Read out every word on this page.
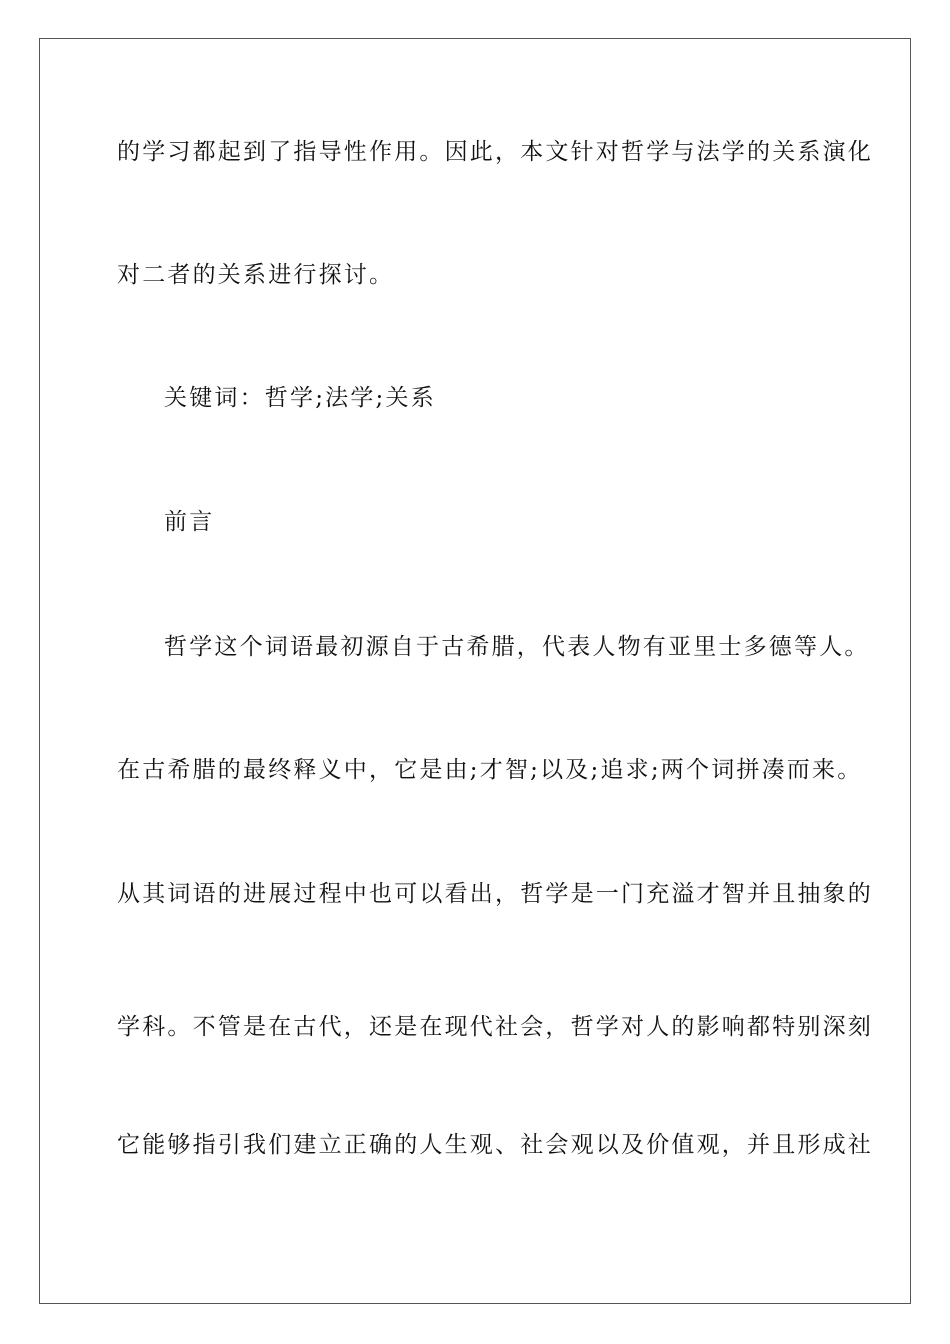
的学习都起到了指导性作用。因此，本文针对哲学与法学的关系演化
对二者的关系进行探讨。
关键词：哲学;法学;关系
前言
哲学这个词语最初源自于古希腊，代表人物有亚里士多德等人。
在古希腊的最终释义中，它是由;才智;以及;追求;两个词拼凑而来。
从其词语的进展过程中也可以看出，哲学是一门充溢才智并且抽象的
学科。不管是在古代，还是在现代社会，哲学对人的影响都特别深刻
它能够指引我们建立正确的人生观、社会观以及价值观，并且形成社
